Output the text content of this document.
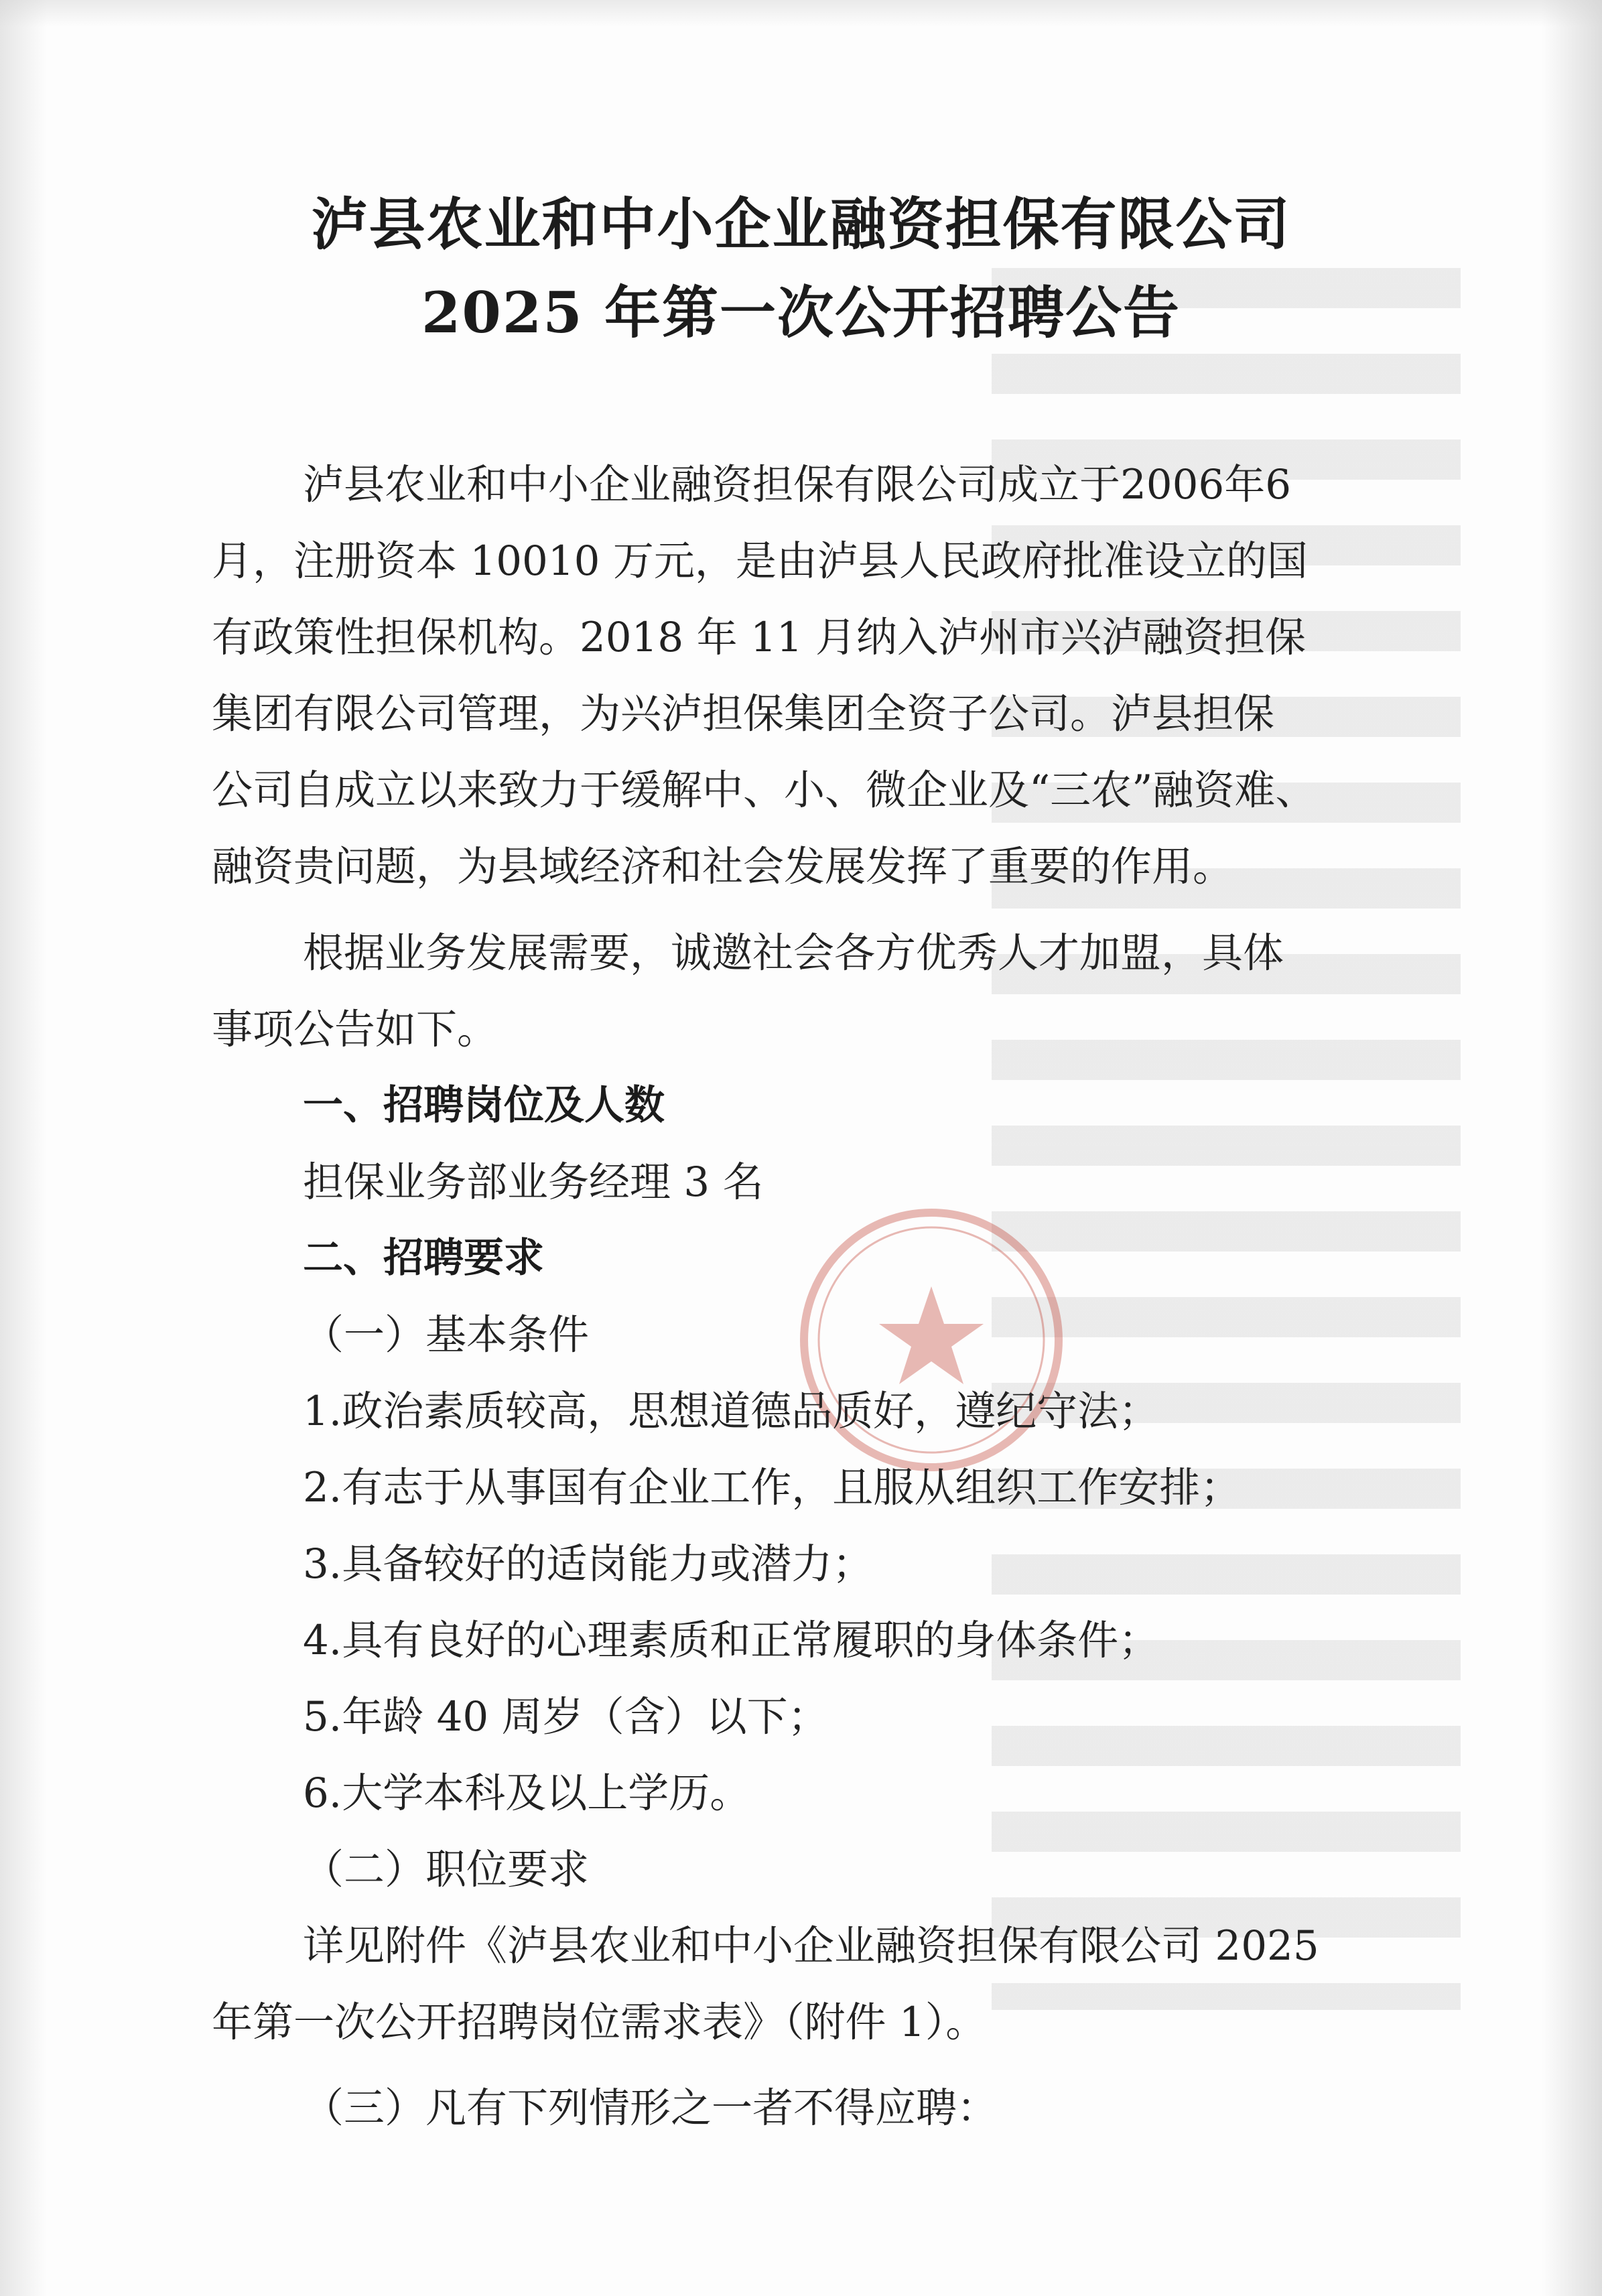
泸县农业和中小企业融资担保有限公司
2025 年第一次公开招聘公告
泸县农业和中小企业融资担保有限公司成立于2006年6
月，注册资本 10010 万元，是由泸县人民政府批准设立的国
有政策性担保机构。2018 年 11 月纳入泸州市兴泸融资担保
集团有限公司管理，为兴泸担保集团全资子公司。泸县担保
公司自成立以来致力于缓解中、小、微企业及“三农”融资难、
融资贵问题，为县域经济和社会发展发挥了重要的作用。
根据业务发展需要，诚邀社会各方优秀人才加盟，具体
事项公告如下。
一、招聘岗位及人数
担保业务部业务经理 3 名
二、招聘要求
（一）基本条件
1.政治素质较高，思想道德品质好，遵纪守法；
2.有志于从事国有企业工作，且服从组织工作安排；
3.具备较好的适岗能力或潜力；
4.具有良好的心理素质和正常履职的身体条件；
5.年龄 40 周岁（含）以下；
6.大学本科及以上学历。
（二）职位要求
详见附件《泸县农业和中小企业融资担保有限公司 2025
年第一次公开招聘岗位需求表》（附件 1）。
（三）凡有下列情形之一者不得应聘：
